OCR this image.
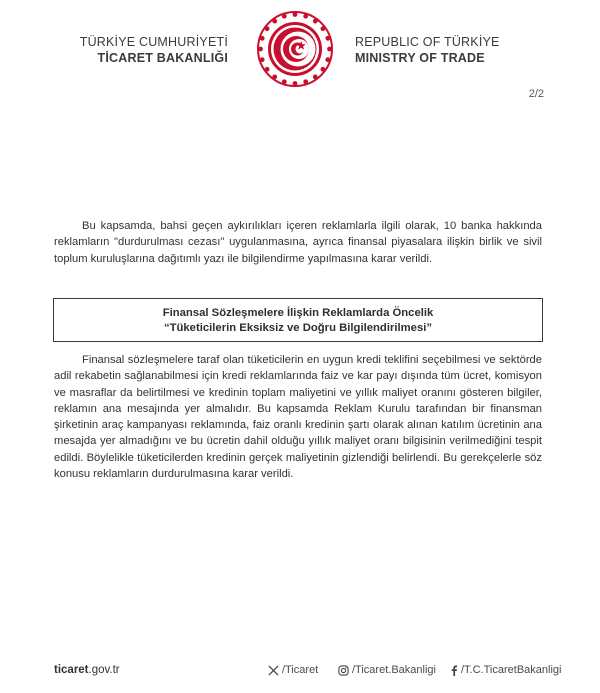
TÜRKİYE CUMHURİYETİ
TİCARET BAKANLIĞI
REPUBLIC OF TÜRKİYE
MINISTRY OF TRADE
2/2
Bu kapsamda, bahsi geçen aykırılıkları içeren reklamlarla ilgili olarak, 10 banka hakkında reklamların "durdurulması cezası" uygulanmasına, ayrıca finansal piyasalara ilişkin birlik ve sivil toplum kuruluşlarına dağıtımlı yazı ile bilgilendirme yapılmasına karar verildi.
Finansal Sözleşmelere İlişkin Reklamlarda Öncelik
“Tüketicilerin Eksiksiz ve Doğru Bilgilendirilmesi”
Finansal sözleşmelere taraf olan tüketicilerin en uygun kredi teklifini seçebilmesi ve sektörde adil rekabetin sağlanabilmesi için kredi reklamlarında faiz ve kar payı dışında tüm ücret, komisyon ve masraflar da belirtilmesi ve kredinin toplam maliyetini ve yıllık maliyet oranını gösteren bilgiler, reklamın ana mesajında yer almalıdır. Bu kapsamda Reklam Kurulu tarafından bir finansman şirketinin araç kampanyası reklamında, faiz oranlı kredinin şartı olarak alınan katılım ücretinin ana mesajda yer almadığını ve bu ücretin dahil olduğu yıllık maliyet oranı bilgisinin verilmediğini tespit edildi. Böylelikle tüketicilerden kredinin gerçek maliyetinin gizlendiği belirlendi. Bu gerekçelerle söz konusu reklamların durdurulmasına karar verildi.
ticaret.gov.tr	/Ticaret	/Ticaret.Bakanligi /T.C.TicaretBakanligi
